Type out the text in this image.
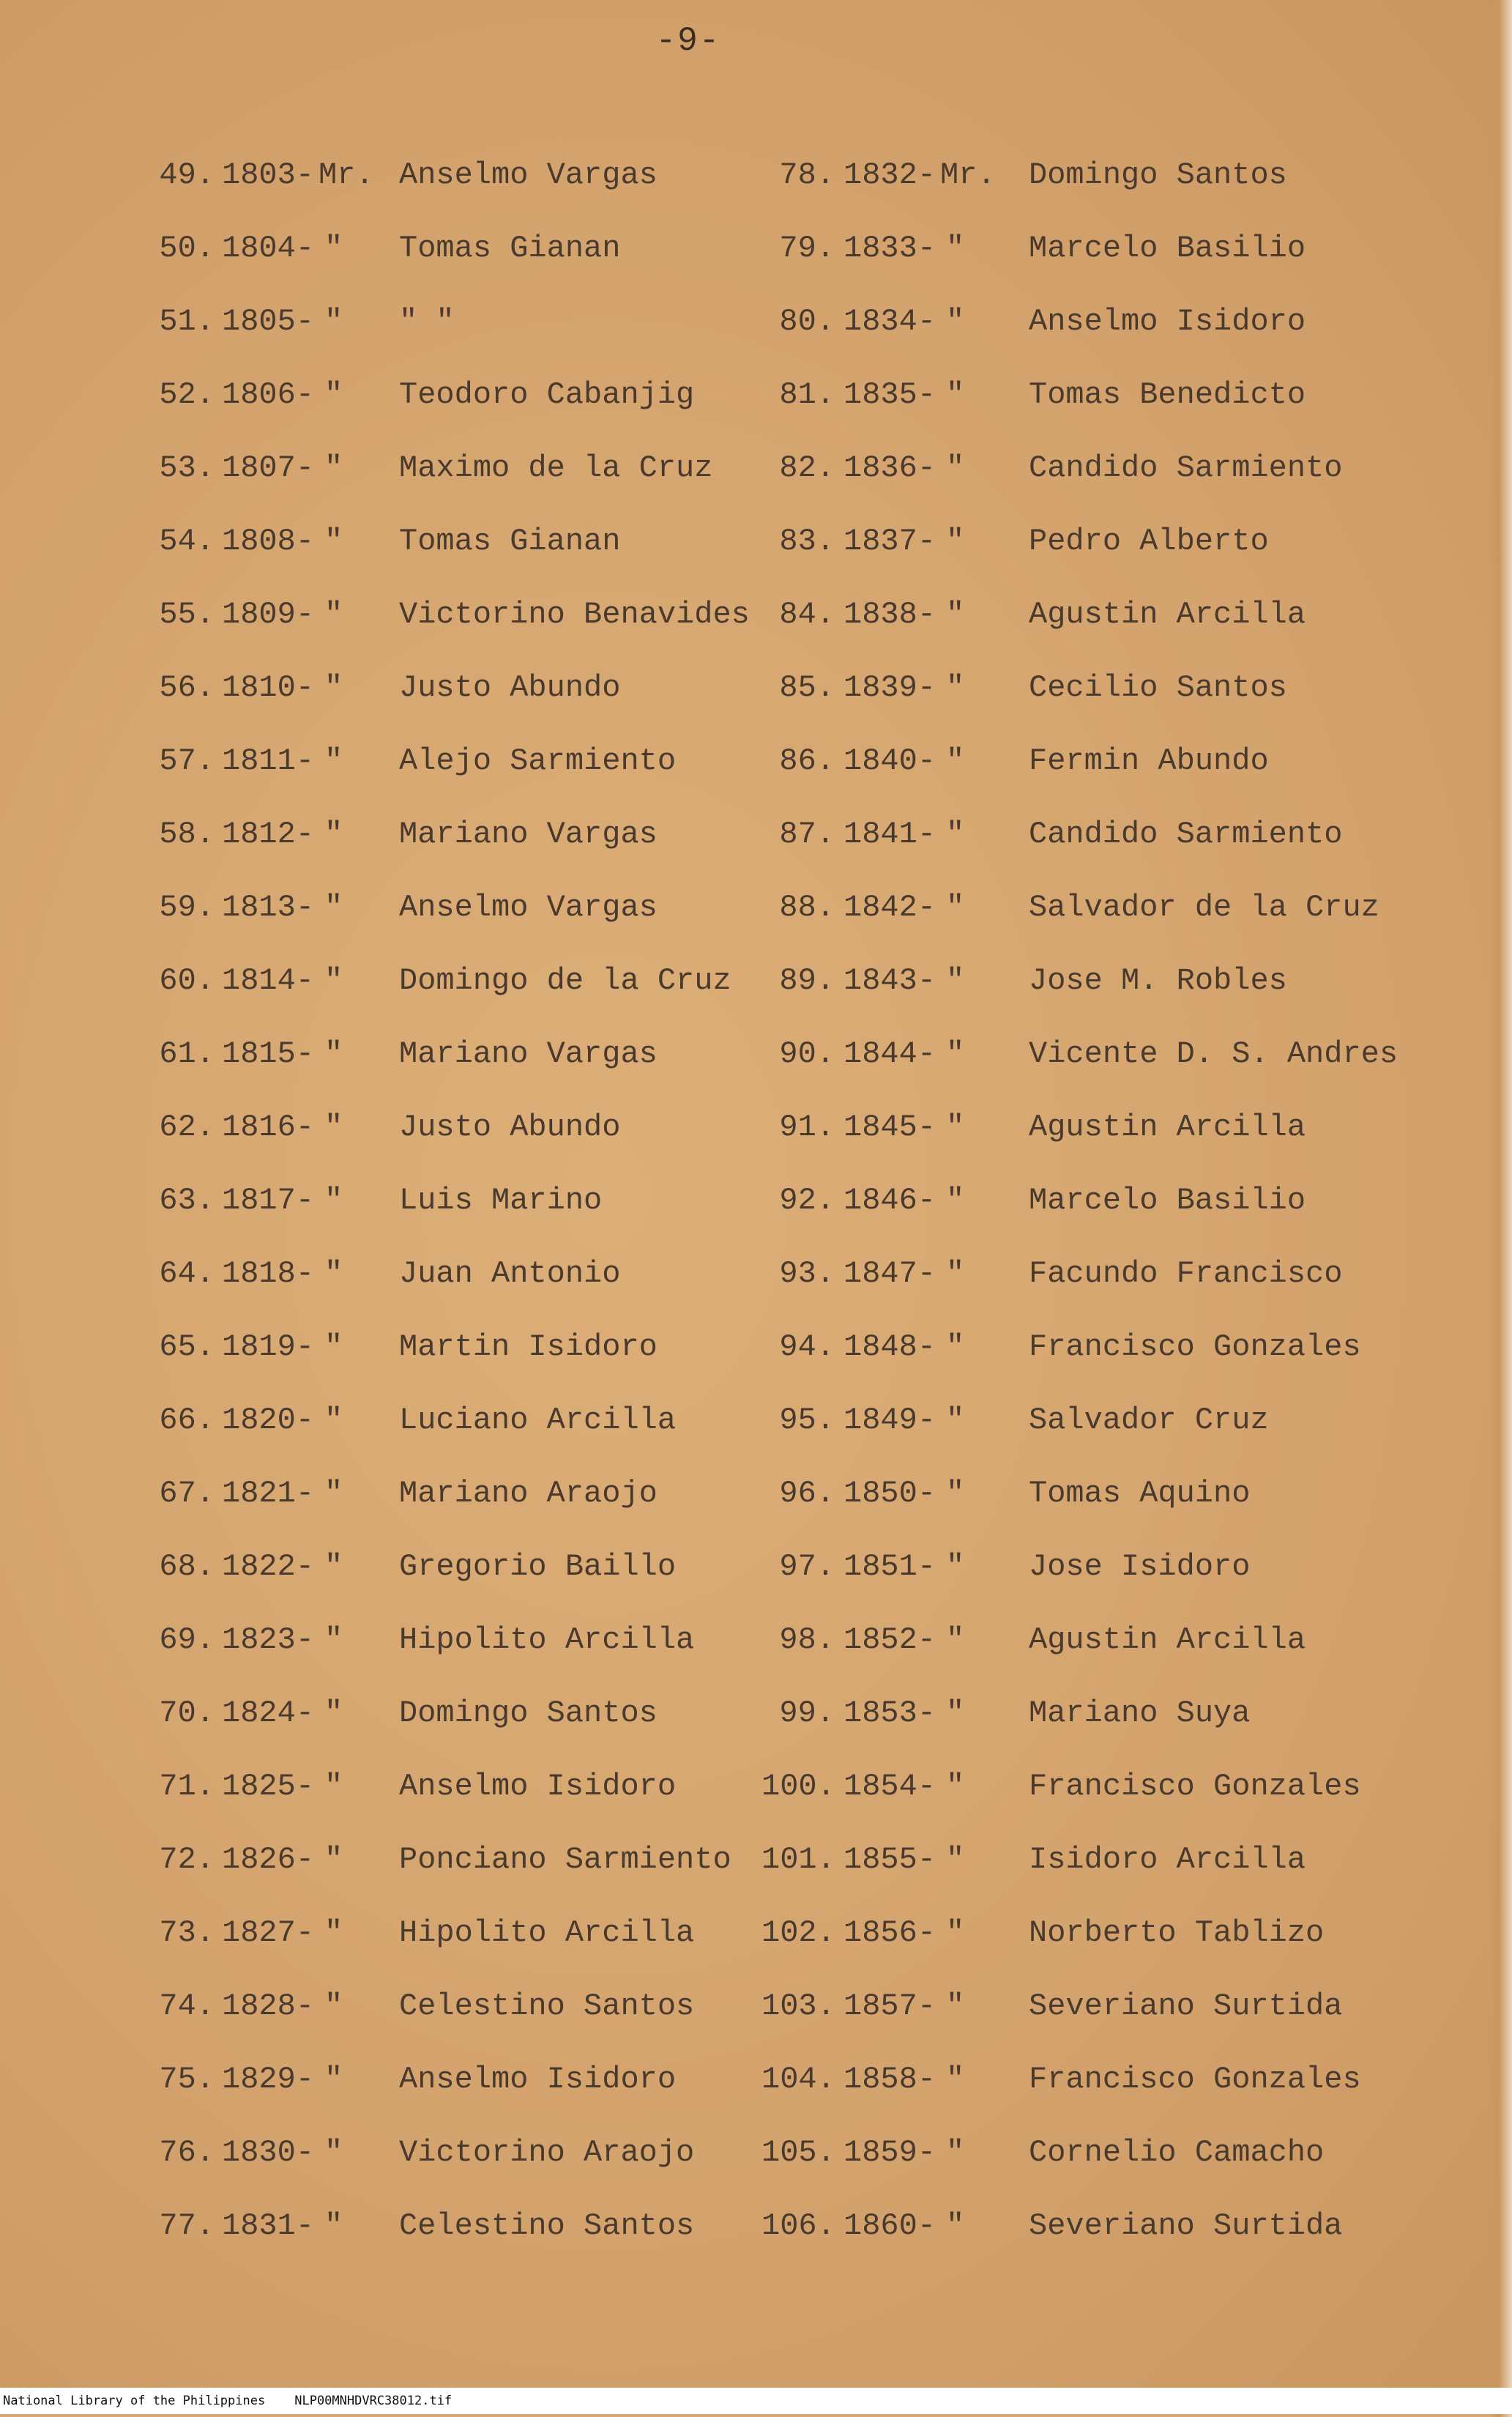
-9-
49. 1803- Mr. Anselmo Vargas
50. 1804- " Tomas Gianan
51. 1805- " " "
52. 1806- " Teodoro Cabanjig
53. 1807- " Maximo de la Cruz
54. 1808- " Tomas Gianan
55. 1809- " Victorino Benavides
56. 1810- " Justo Abundo
57. 1811- " Alejo Sarmiento
58. 1812- " Mariano Vargas
59. 1813- " Anselmo Vargas
60. 1814- " Domingo de la Cruz
61. 1815- " Mariano Vargas
62. 1816- " Justo Abundo
63. 1817- " Luis Marino
64. 1818- " Juan Antonio
65. 1819- " Martin Isidoro
66. 1820- " Luciano Arcilla
67. 1821- " Mariano Araojo
68. 1822- " Gregorio Baillo
69. 1823- " Hipolito Arcilla
70. 1824- " Domingo Santos
71. 1825- " Anselmo Isidoro
72. 1826- " Ponciano Sarmiento
73. 1827- " Hipolito Arcilla
74. 1828- " Celestino Santos
75. 1829- " Anselmo Isidoro
76. 1830- " Victorino Araojo
77. 1831- " Celestino Santos
78. 1832- Mr. Domingo Santos
79. 1833- " Marcelo Basilio
80. 1834- " Anselmo Isidoro
81. 1835- " Tomas Benedicto
82. 1836- " Candido Sarmiento
83. 1837- " Pedro Alberto
84. 1838- " Agustin Arcilla
85. 1839- " Cecilio Santos
86. 1840- " Fermin Abundo
87. 1841- " Candido Sarmiento
88. 1842- " Salvador de la Cruz
89. 1843- " Jose M. Robles
90. 1844- " Vicente D. S. Andres
91. 1845- " Agustin Arcilla
92. 1846- " Marcelo Basilio
93. 1847- " Facundo Francisco
94. 1848- " Francisco Gonzales
95. 1849- " Salvador Cruz
96. 1850- " Tomas Aquino
97. 1851- " Jose Isidoro
98. 1852- " Agustin Arcilla
99. 1853- " Mariano Suya
100. 1854- " Francisco Gonzales
101. 1855- " Isidoro Arcilla
102. 1856- " Norberto Tablizo
103. 1857- " Severiano Surtida
104. 1858- " Francisco Gonzales
105. 1859- " Cornelio Camacho
106. 1860- " Severiano Surtida
National Library of the Philippines NLP00MNHDVRC38012.tif
